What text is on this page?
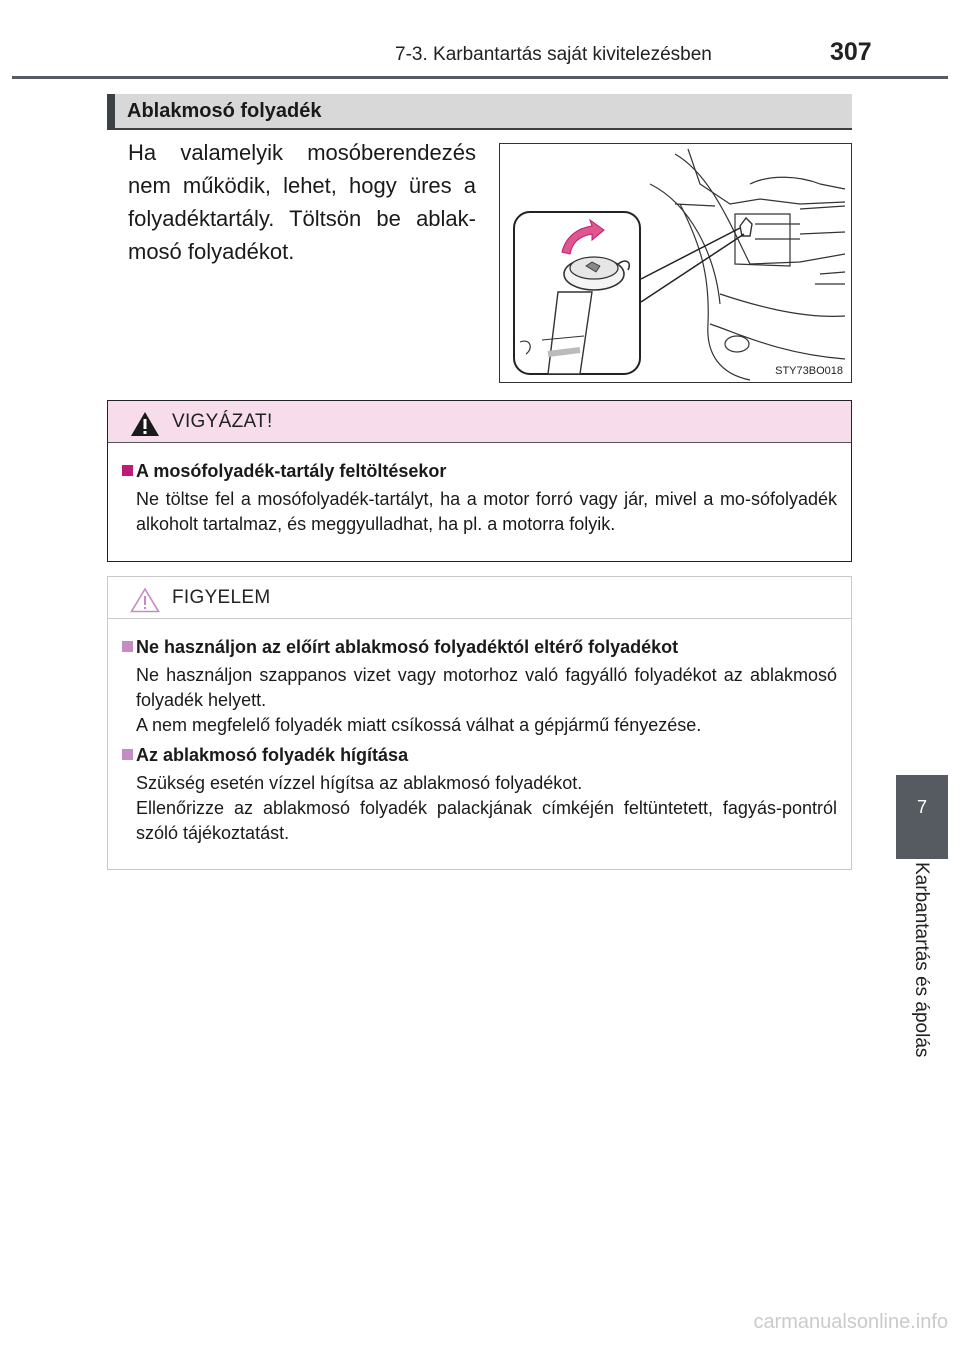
7-3. Karbantartás saját kivitelezésben	307
Ablakmosó folyadék
Ha valamelyik mosóberendezés nem működik, lehet, hogy üres a folyadéktartály. Töltsön be ablak-mosó folyadékot.
STY73BO018
VIGYÁZAT!
A mosófolyadék-tartály feltöltésekor
Ne töltse fel a mosófolyadék-tartályt, ha a motor forró vagy jár, mivel a mo-sófolyadék alkoholt tartalmaz, és meggyulladhat, ha pl. a motorra folyik.
FIGYELEM
Ne használjon az előírt ablakmosó folyadéktól eltérő folyadékot
Ne használjon szappanos vizet vagy motorhoz való fagyálló folyadékot az ablakmosó folyadék helyett.
A nem megfelelő folyadék miatt csíkossá válhat a gépjármű fényezése.
Az ablakmosó folyadék hígítása
Szükség esetén vízzel hígítsa az ablakmosó folyadékot.
Ellenőrizze az ablakmosó folyadék palackjának címkéjén feltüntetett, fagyás-pontról szóló tájékoztatást.
7
Karbantartás és ápolás
carmanualsonline.info
